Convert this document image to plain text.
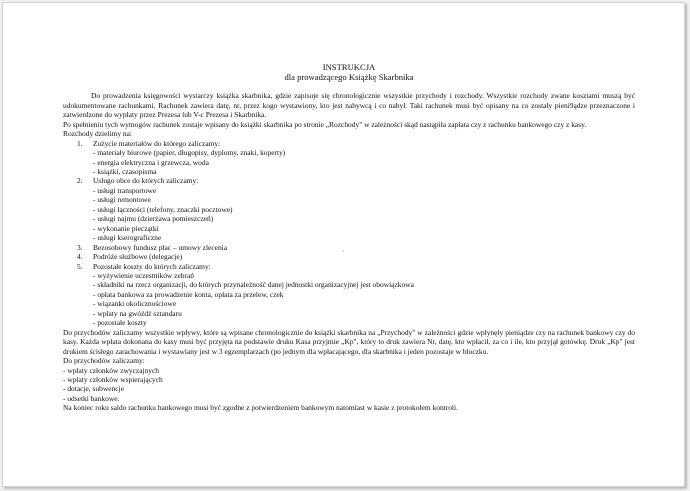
INSTRUKCJA
dla prowadzącego Książkę Skarbnika

Do prowadzenia księgowości wystarczy książka skarbnika, gdzie zapisuje się chronologicznie wszystkie przychody i rozchody. Wszystkie rozchody zwane kosztami muszą być udokumentowane rachunkami. Rachunek zawiera datę, nr, przez kogo wystawiony, kto jest nabywcą i co nabył. Taki rachunek musi być opisany na co zostały pieni9ądze przeznaczone i zatwierdzone do wypłaty przez Prezesa lub V-c Prezesa i Skarbnika.

Po spełnieniu tych wymogów rachunek zostaje wpisany do książki skarbnika po stronie „Rozchody" w zależności skąd nastąpiła zapłata czy z rachunku bankowego czy z kasy.

Rozchody dzielimy na:
1. Zużycie materiałów do którego zaliczamy:
- materiały biurowe (papier, długopisy, dyplomy, znaki, koperty)
- energia elektryczna i grzewcza, woda
- książki, czasopisma
2. Usługo obce do których zaliczamy:
- usługi transportowe
- usługi remontowe
- usługi łączności (telefony, znaczki pocztowe)
- usługi najmu (dzierżawa pomieszczeń)
- wykonanie pieczątki
- usługi kserograficzne
3. Bezosobowy fundusz płac – umowy zlecenia
4. Podróże służbowe (delegacje)
5. Pozostałe koszty do których zaliczamy:
- wyżywienie uczestników zebrań
- składniki na rzecz organizacji, do których przynależność danej jednostki organizacyjnej jest obowiązkowa
- opłata bankowa za prowadzenie konta, opłata za przelew, czek
- wiązanki okolicznościowe
- wpłaty na gwóźdź sztandaru
- pozostałe koszty

Do przychodów zaliczamy wszystkie wpływy, które są wpisane chronologicznie do książki skarbnika na „Przychody" w zależności gdzie wpłynęły pieniądze czy na rachunek bankowy czy do kasy. Każda wpłata dokonana do kasy musi być przyjęta na podstawie druku Kasa przyjmie „Kp", który to druk zawiera Nr, datę, kto wpłacił, za co i ile, kto przyjął gotówkę. Druk „Kp" jest drukiem ścisłego zarachowania i wystawiany jest w 3 egzemplarzach (po jednym dla wpłacającego, dla skarbnika i jeden pozostaje w bloczku.

Do przychodów zaliczamy:
- wpłaty członków zwyczajnych
- wpłaty członków wspierających
- dotacje, subwencje
- odsetki bankowe.

Na koniec roku saldo rachunku bankowego musi być zgodne z potwierdzeniem bankowym natomiast w kasie z protokołem kontroli.
